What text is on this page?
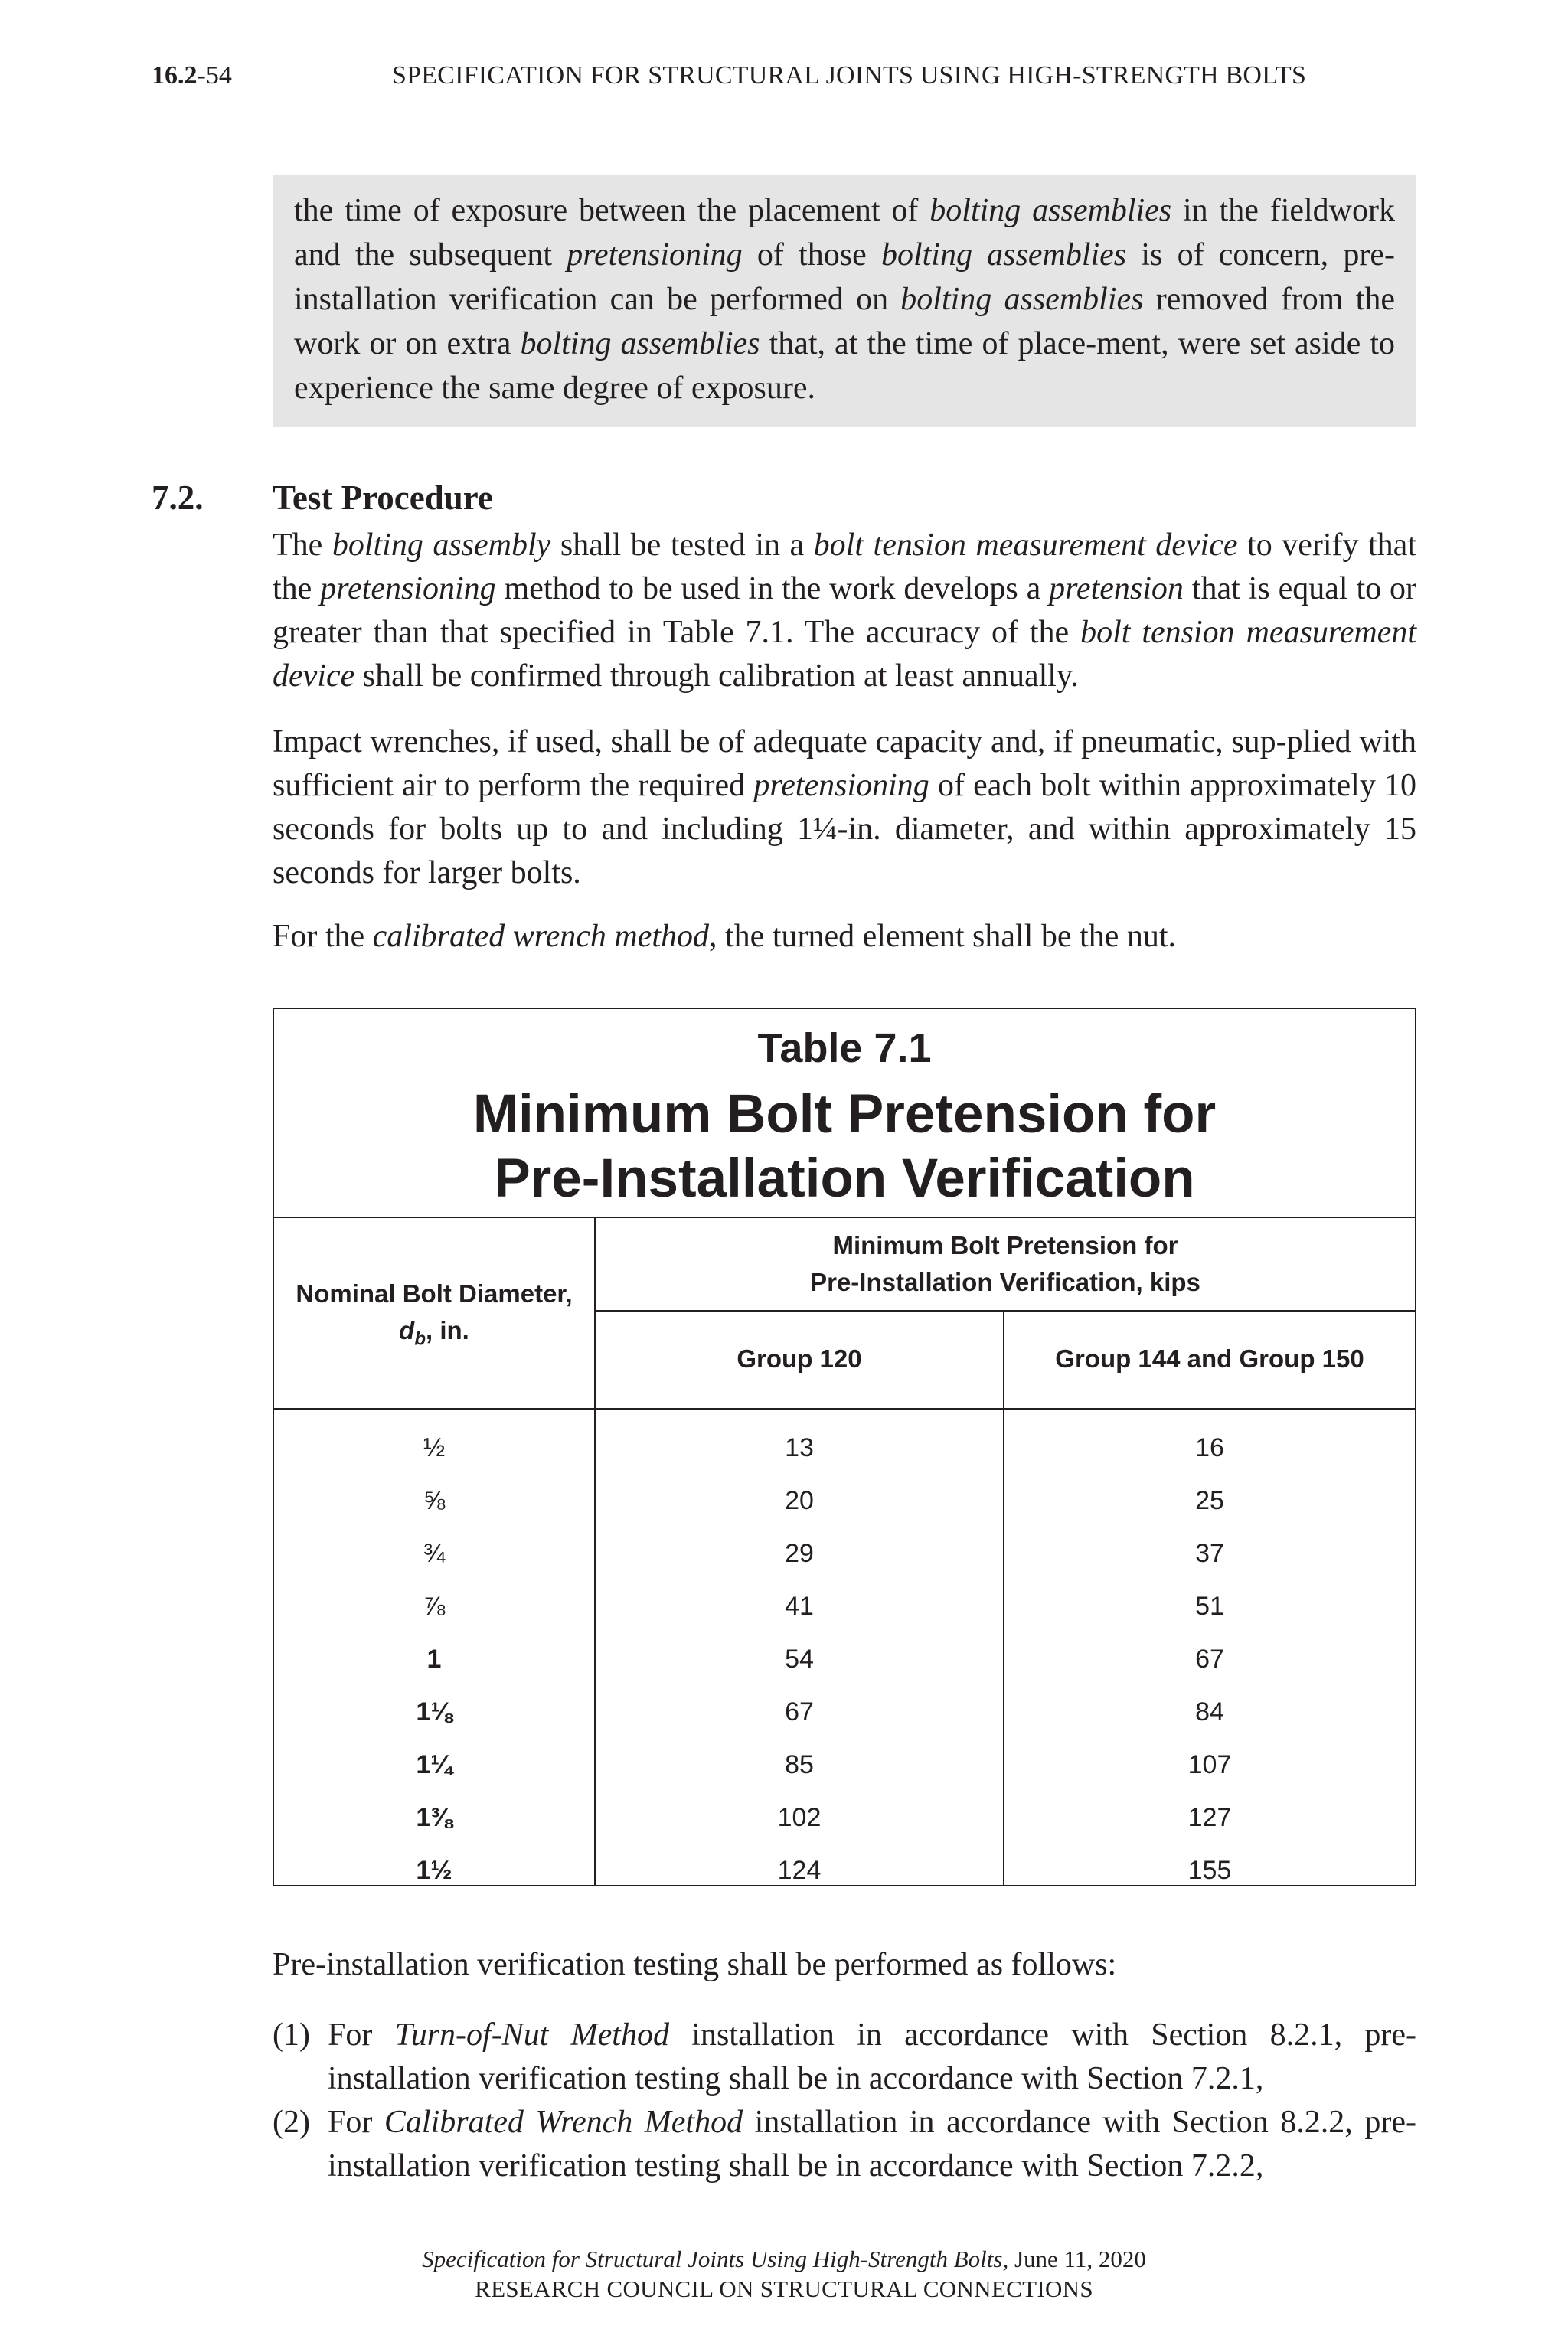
16.2-54	SPECIFICATION FOR STRUCTURAL JOINTS USING HIGH-STRENGTH BOLTS

the time of exposure between the placement of bolting assemblies in the fieldwork and the subsequent pretensioning of those bolting assemblies is of concern, pre-installation verification can be performed on bolting assemblies removed from the work or on extra bolting assemblies that, at the time of place-ment, were set aside to experience the same degree of exposure.

7.2. Test Procedure

The bolting assembly shall be tested in a bolt tension measurement device to verify that the pretensioning method to be used in the work develops a pretension that is equal to or greater than that specified in Table 7.1. The accuracy of the bolt tension measurement device shall be confirmed through calibration at least annually.

Impact wrenches, if used, shall be of adequate capacity and, if pneumatic, sup-plied with sufficient air to perform the required pretensioning of each bolt within approximately 10 seconds for bolts up to and including 1¼-in. diameter, and within approximately 15 seconds for larger bolts.

For the calibrated wrench method, the turned element shall be the nut.

Table 7.1
Minimum Bolt Pretension for
Pre-Installation Verification
Nominal Bolt Diameter,
$d_b$, in.
Minimum Bolt Pretension for
Pre-Installation Verification, kips
Group 120	Group 144 and Group 150
½	13	16
⅝	20	25
¾	29	37
⅞	41	51
1	54	67
1⅛	67	84
1¼	85	107
1⅜	102	127
1½	124	155

Pre-installation verification testing shall be performed as follows:

(1) For Turn-of-Nut Method installation in accordance with Section 8.2.1, pre-installation verification testing shall be in accordance with Section 7.2.1,
(2) For Calibrated Wrench Method installation in accordance with Section 8.2.2, pre-installation verification testing shall be in accordance with Section 7.2.2,
Specification for Structural Joints Using High-Strength Bolts, June 11, 2020
RESEARCH COUNCIL ON STRUCTURAL CONNECTIONS
